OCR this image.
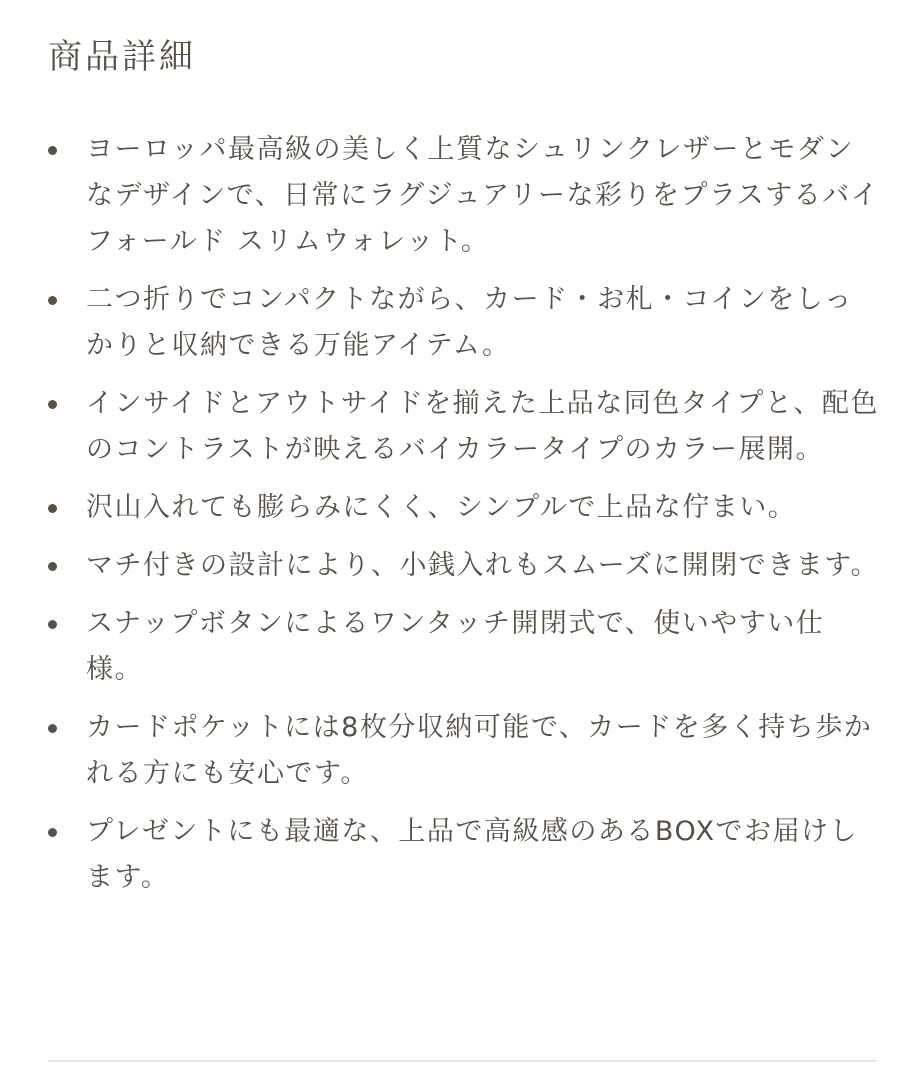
商品詳細
ヨーロッパ最高級の美しく上質なシュリンクレザーとモダンなデザインで、日常にラグジュアリーな彩りをプラスするバイフォールド スリムウォレット。
二つ折りでコンパクトながら、カード・お札・コインをしっかりと収納できる万能アイテム。
インサイドとアウトサイドを揃えた上品な同色タイプと、配色のコントラストが映えるバイカラータイプのカラー展開。
沢山入れても膨らみにくく、シンプルで上品な佇まい。
マチ付きの設計により、小銭入れもスムーズに開閉できます。
スナップボタンによるワンタッチ開閉式で、使いやすい仕様。
カードポケットには8枚分収納可能で、カードを多く持ち歩かれる方にも安心です。
プレゼントにも最適な、上品で高級感のあるBOXでお届けします。
